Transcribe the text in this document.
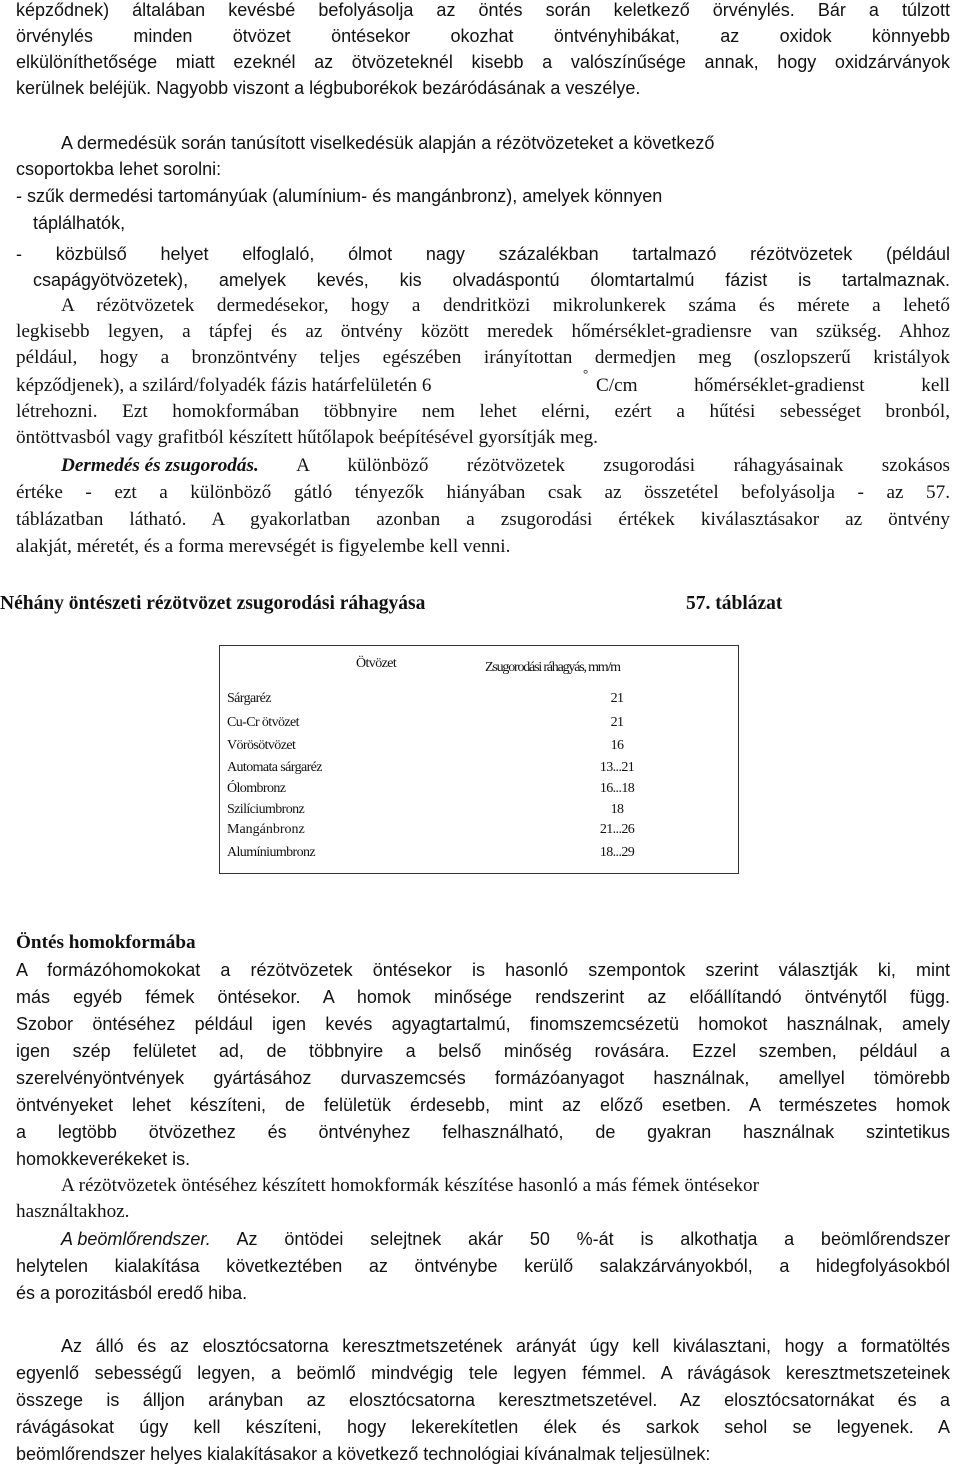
képződnek) általában kevésbé befolyásolja az öntés során keletkező örvénylés. Bár a túlzott
örvénylés minden ötvözet öntésekor okozhat öntvényhibákat, az oxidok könnyebb
elkülöníthetősége miatt ezeknél az ötvözeteknél kisebb a valószínűsége annak, hogy oxidzárványok
kerülnek beléjük. Nagyobb viszont a légbuborékok bezáródásának a veszélye.
A dermedésük során tanúsított viselkedésük alapján a rézötvözeteket a következő
csoportokba lehet sorolni:
- szűk dermedési tartományúak (alumínium- és mangánbronz), amelyek könnyen
táplálhatók,
- közbülső helyet elfoglaló, ólmot nagy százalékban tartalmazó rézötvözetek (például
csapágyötvözetek), amelyek kevés, kis olvadáspontú ólomtartalmú fázist is tartalmaznak.
A rézötvözetek dermedésekor, hogy a dendritközi mikrolunkerek száma és mérete a lehető
legkisebb legyen, a tápfej és az öntvény között meredek hőmérséklet-gradiensre van szükség. Ahhoz
például, hogy a bronzöntvény teljes egészében irányítottan dermedjen meg (oszlopszerű kristályok
képződjenek), a szilárd/folyadék fázis határfelületén 6
°
C/cm hőmérséklet-gradienst kell
létrehozni. Ezt homokformában többnyire nem lehet elérni, ezért a hűtési sebességet bronból,
öntöttvasból vagy grafitból készített hűtőlapok beépítésével gyorsítják meg.
Dermedés és zsugorodás. A különböző rézötvözetek zsugorodási ráhagyásainak szokásos
értéke - ezt a különböző gátló tényezők hiányában csak az összetétel befolyásolja - az 57.
táblázatban látható. A gyakorlatban azonban a zsugorodási értékek kiválasztásakor az öntvény
alakját, méretét, és a forma merevségét is figyelembe kell venni.
Néhány öntészeti rézötvözet zsugorodási ráhagyása	57. táblázat
Ötvözet	Zsugorodási ráhagyás, mm/m
Sárgaréz	21
Cu-Cr ötvözet	21
Vörösötvözet	16
Automata sárgaréz	13...21
Ólombronz	16...18
Szilíciumbronz	18
Mangánbronz	21...26
Alumíniumbronz	18...29
Öntés homokformába
A formázóhomokokat a rézötvözetek öntésekor is hasonló szempontok szerint választják ki, mint
más egyéb fémek öntésekor. A homok minősége rendszerint az előállítandó öntvénytől függ.
Szobor öntéséhez például igen kevés agyagtartalmú, finomszemcsézetü homokot használnak, amely
igen szép felületet ad, de többnyire a belső minőség rovására. Ezzel szemben, például a
szerelvényöntvények gyártásához durvaszemcsés formázóanyagot használnak, amellyel tömörebb
öntvényeket lehet készíteni, de felületük érdesebb, mint az előző esetben. A természetes homok
a legtöbb ötvözethez és öntvényhez felhasználható, de gyakran használnak szintetikus
homokkeverékeket is.
A rézötvözetek öntéséhez készített homokformák készítése hasonló a más fémek öntésekor
használtakhoz.
A beömlőrendszer. Az öntödei selejtnek akár 50 %-át is alkothatja a beömlőrendszer
helytelen kialakítása következtében az öntvénybe kerülő salakzárványokból, a hidegfolyásokból
és a porozitásból eredő hiba.
Az álló és az elosztócsatorna keresztmetszetének arányát úgy kell kiválasztani, hogy a formatöltés
egyenlő sebességű legyen, a beömlő mindvégig tele legyen fémmel. A rávágások keresztmetszeteinek
összege is álljon arányban az elosztócsatorna keresztmetszetével. Az elosztócsatornákat és a
rávágásokat úgy kell készíteni, hogy lekerekítetlen élek és sarkok sehol se legyenek. A
beömlőrendszer helyes kialakításakor a következő technológiai kívánalmak teljesülnek:
